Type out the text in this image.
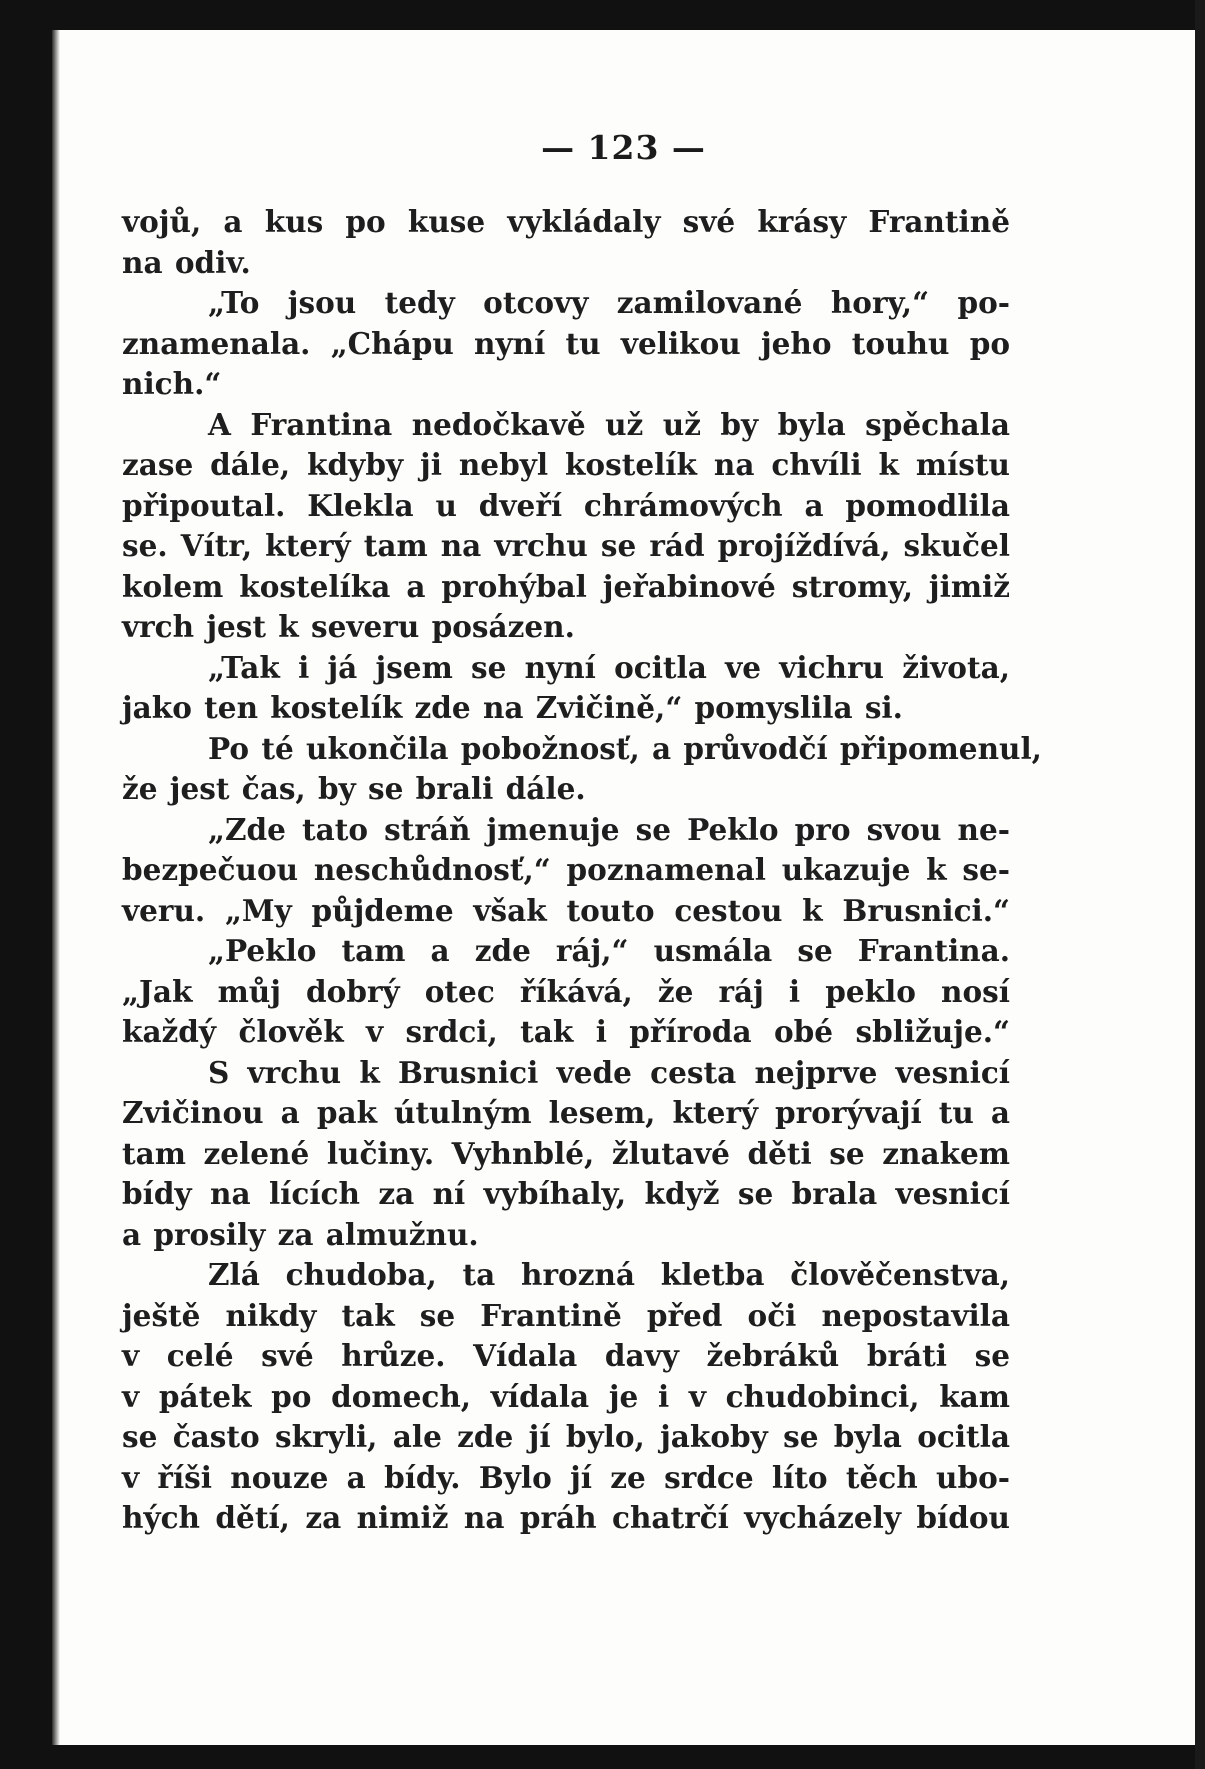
— 123 —
vojů, a kus po kuse vykládaly své krásy Frantině
na odiv.
„To jsou tedy otcovy zamilované hory,“ po-
znamenala. „Chápu nyní tu velikou jeho touhu po
nich.“
A Frantina nedočkavě už už by byla spěchala
zase dále, kdyby ji nebyl kostelík na chvíli k místu
připoutal. Klekla u dveří chrámových a pomodlila
se. Vítr, který tam na vrchu se rád projíždívá, skučel
kolem kostelíka a prohýbal jeřabinové stromy, jimiž
vrch jest k severu posázen.
„Tak i já jsem se nyní ocitla ve vichru života,
jako ten kostelík zde na Zvičině,“ pomyslila si.
Po té ukončila pobožnosť, a průvodčí připomenul,
že jest čas, by se brali dále.
„Zde tato stráň jmenuje se Peklo pro svou ne-
bezpečuou neschůdnosť,“ poznamenal ukazuje k se-
veru. „My půjdeme však touto cestou k Brusnici.“
„Peklo tam a zde ráj,“ usmála se Frantina.
„Jak můj dobrý otec říkává, že ráj i peklo nosí
každý člověk v srdci, tak i příroda obé sbližuje.“
S vrchu k Brusnici vede cesta nejprve vesnicí
Zvičinou a pak útulným lesem, který prorývají tu a
tam zelené lučiny. Vyhnblé, žlutavé děti se znakem
bídy na lících za ní vybíhaly, když se brala vesnicí
a prosily za almužnu.
Zlá chudoba, ta hrozná kletba člověčenstva,
ještě nikdy tak se Frantině před oči nepostavila
v celé své hrůze. Vídala davy žebráků bráti se
v pátek po domech, vídala je i v chudobinci, kam
se často skryli, ale zde jí bylo, jakoby se byla ocitla
v říši nouze a bídy. Bylo jí ze srdce líto těch ubo-
hých dětí, za nimiž na práh chatrčí vycházely bídou
